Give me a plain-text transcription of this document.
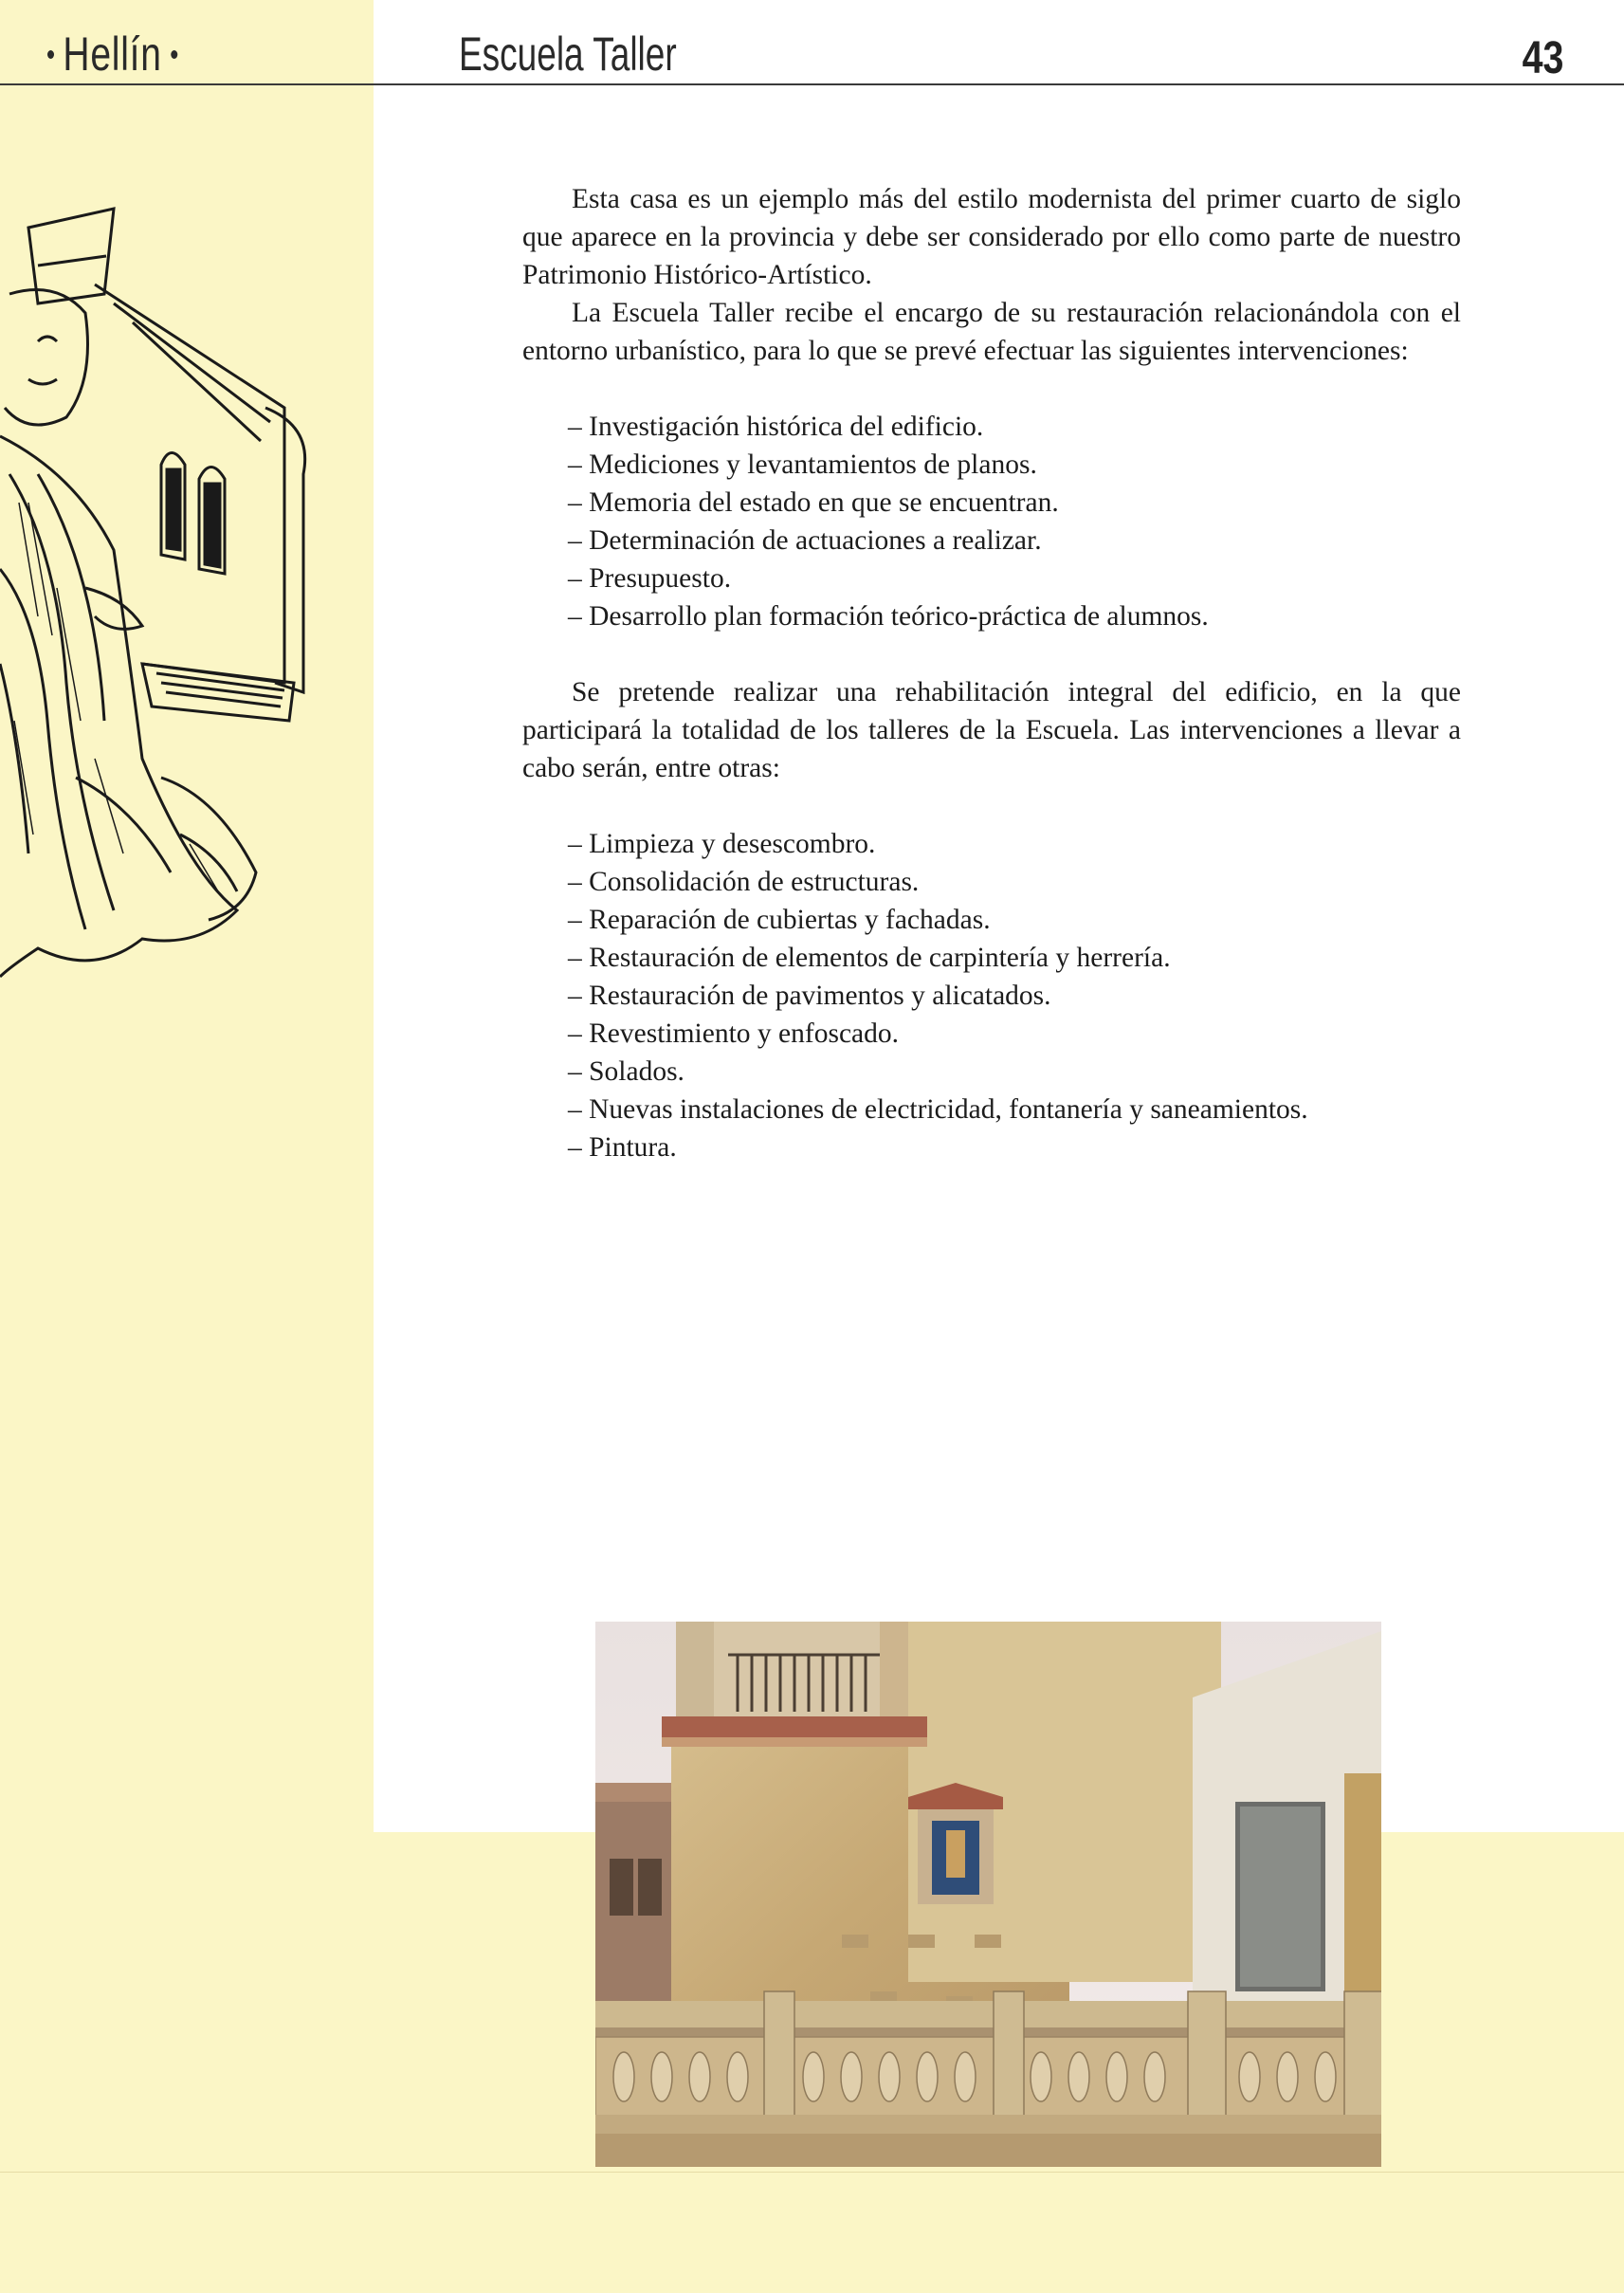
Hellín	Escuela Taller	43

Esta casa es un ejemplo más del estilo modernista del primer cuarto de siglo que aparece en la provincia y debe ser considerado por ello como parte de nuestro Patrimonio Histórico-Artístico.

La Escuela Taller recibe el encargo de su restauración relacionándola con el entorno urbanístico, para lo que se prevé efectuar las siguientes intervenciones:

– Investigación histórica del edificio.
– Mediciones y levantamientos de planos.
– Memoria del estado en que se encuentran.
– Determinación de actuaciones a realizar.
– Presupuesto.
– Desarrollo plan formación teórico-práctica de alumnos.

Se pretende realizar una rehabilitación integral del edificio, en la que participará la totalidad de los talleres de la Escuela. Las intervenciones a llevar a cabo serán, entre otras:

– Limpieza y desescombro.
– Consolidación de estructuras.
– Reparación de cubiertas y fachadas.
– Restauración de elementos de carpintería y herrería.
– Restauración de pavimentos y alicatados.
– Revestimiento y enfoscado.
– Solados.
– Nuevas instalaciones de electricidad, fontanería y saneamientos.
– Pintura.
